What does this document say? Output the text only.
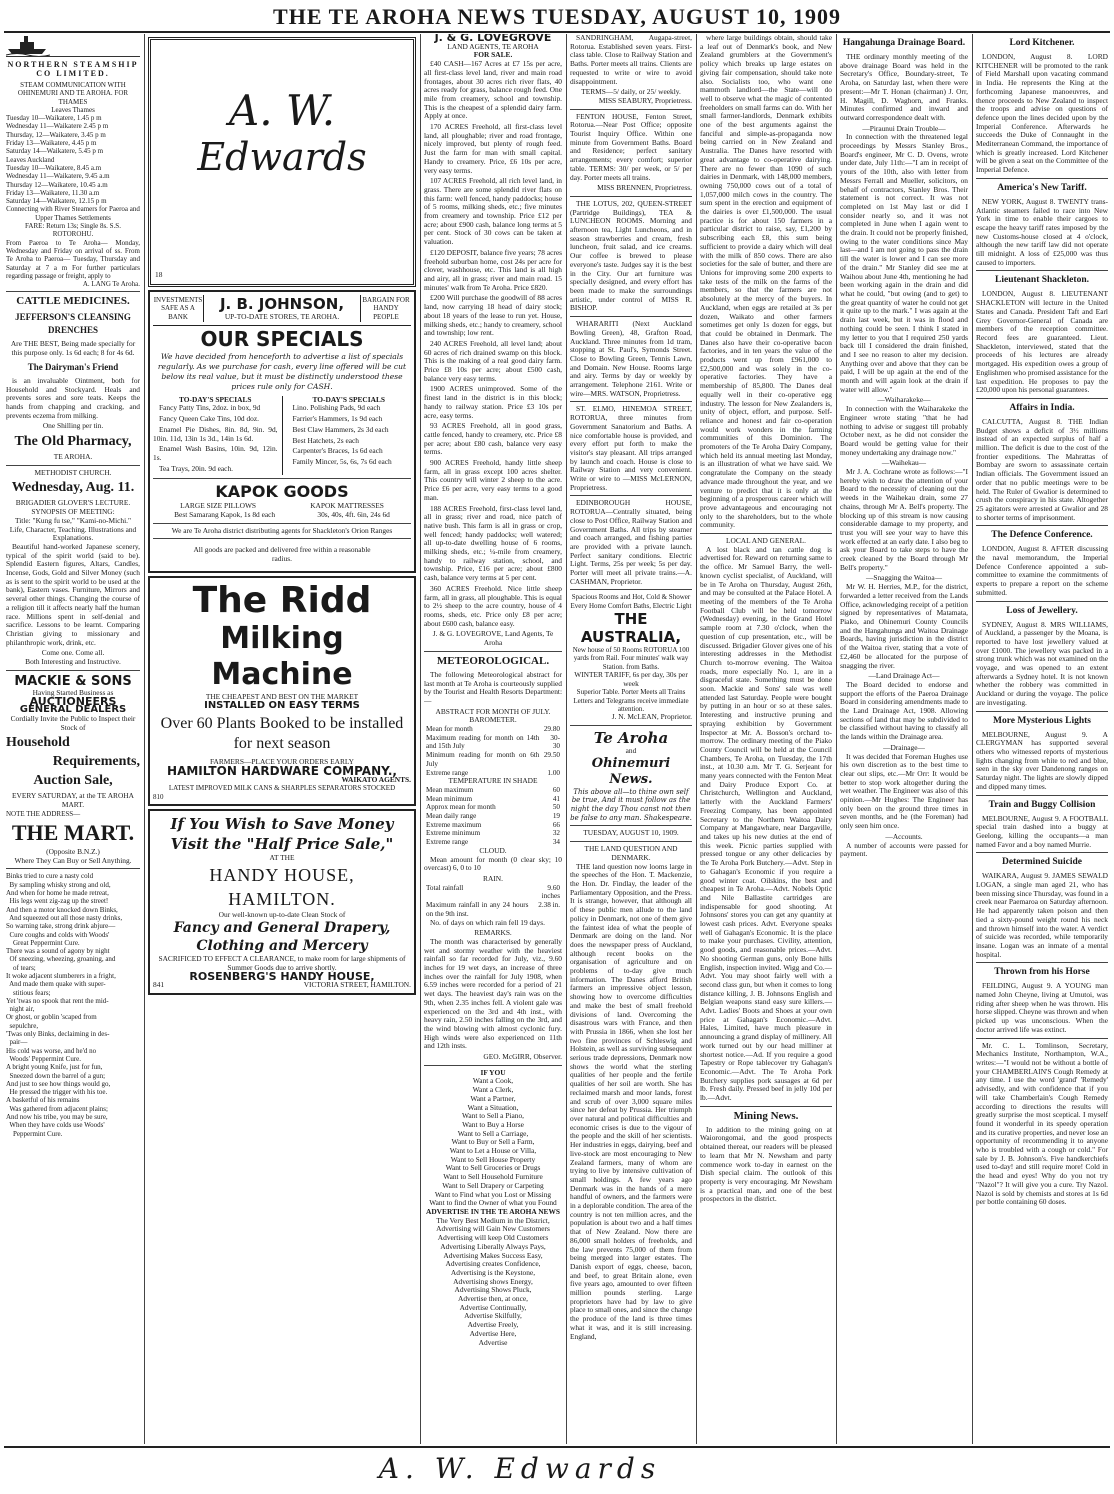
THE TE AROHA NEWS TUESDAY, AUGUST 10, 1909
NORTHERN STEAMSHIP CO LIMITED.
STEAM COMMUNICATION WITH OHINEMURI AND TE AROHA. FOR THAMES
Leaves Thames
Tuesday 10—Waikatere, 1.45 p m
Wednesday 11—Waikatere 2.45 p m
Thursday, 12—Waikatere, 3.45 p m
Friday 13—Waikatere, 4.45 p m
Saturday 14—Waikatere, 5.45 p m
Leaves Auckland
Tuesday 10—Waikatere, 8.45 a.m
Wednesday 11—Waikatere, 9.45 a.m
Thursday 12—Waikatere, 10.45 a.m
Friday 13—Waikatere, 11.30 a.m
Saturday 14—Waikatere, 12.15 p m
Connecting with River Steamers for Paeroa and Upper Thames Settlements
FARE: Return 13s; Single 8s. S.S. ROTOROHU.
From Paeroa to Te Aroha— Monday, Wednesday and Friday on arrival of ss. From Te Aroha to Paeroa— Tuesday, Thursday and Saturday at 7 a m For further particulars regarding passage or freight, apply to
A. LANG Te Aroha.
CATTLE MEDICINES.
JEFFERSON'S CLEANSING DRENCHES
Are THE BEST, Being made specially for this purpose only. 1s 6d each; 8 for 4s 6d.
The Dairyman's Friend
is an invaluable Ointment, both for Household and Stockyard. Heals and prevents sores and sore teats. Keeps the hands from chapping and cracking, and prevents eczema from milking.
One Shilling per tin.
The Old Pharmacy,
TE AROHA.
METHODIST CHURCH.
Wednesday, Aug. 11.
BRIGADIER GLOVER'S LECTURE. SYNOPSIS OF MEETING:
Title: "Kung fu tse," "Kami-no-Michi."
Life, Character, Teaching. Illustrations and Explanations.
Beautiful hand-worked Japanese scenery, typical of the spirit world (said to be). Splendid Eastern figures, Altars, Candles, Incense, Gods, Gold and Silver Money (such as is sent to the spirit world to be used at the bank), Eastern vases. Furniture, Mirrors and several other things. Changing the course of a religion till it affects nearly half the human race. Millions spent in self-denial and sacrifice. Lessons to be learnt. Comparing Christian giving to missionary and philanthropic work, drink, etc.
Come one. Come all.
Both Interesting and Instructive.
MACKIE & SONS
Having Started Business as
AUCTIONEERS
GENERAL DEALERS
Cordially Invite the Public to Inspect their Stock of
Household
Requirements,
Auction Sale,
EVERY SATURDAY, at the TE AROHA MART.
NOTE THE ADDRESS—
THE MART.
(Opposite B.N.Z.)
Where They Can Buy or Sell Anything.
Binks tried to cure a nasty cold
By sampling whisky strong and old,
And when for home he made retreat,
His legs went zig-zag up the street!
And then a motor knocked down Binks,
And squeezed out all those nasty drinks,
So warning take, strong drink abjure—
Cure coughs and colds with Woods'
Great Peppermint Cure.
There was a sound of agony by night
Of sneezing, wheezing, groaning, and
of tears;
It woke adjacent slumberers in a fright,
And made them quake with super-
stitious fears;
Yet 'twas no spook that rent the mid-
night air,
Or ghost, or goblin 'scaped from
sepulchre,
'Twas only Binks, declaiming in des-
pair—
His cold was worse, and he'd no
Woods' Peppermint Cure.
A bright young Knife, just for fun,
Sneezed down the barrel of a gun;
And just to see how things would go,
He pressed the trigger with his toe.
A basketful of his remains
Was gathered from adjacent plains;
And now his tribe, you may be sure,
When they have colds use Woods'
Peppermint Cure.
A. W.
Edwards
18
INVESTMENTS SAFE AS A BANK
J. B. JOHNSON,
UP-TO-DATE STORES, TE AROHA.
BARGAIN FOR HANDY PEOPLE
OUR SPECIALS
We have decided from henceforth to advertise a list of specials regularly. As we purchase for cash, every line offered will be cut below its real value, but it must be distinctly understood these prices rule only for CASH.
TO-DAY'S SPECIALS
Fancy Patty Tins, 2doz. in box, 9d
Fancy Queen Cake Tins, 10d doz.
Enamel Pie Dishes, 8in. 8d, 9in. 9d, 10in. 11d, 13in 1s 3d., 14in 1s 6d.
Enamel Wash Basins, 10in. 9d, 12in. 1s.
Tea Trays, 20in. 9d each.
TO-DAY'S SPECIALS
Lino. Polishing Pads, 9d each
Farrier's Hammers, 1s 9d each
Best Claw Hammers, 2s 3d each
Best Hatchets, 2s each
Carpenter's Braces, 1s 6d each
Family Mincer, 5s, 6s, 7s 6d each
KAPOK GOODS
LARGE SIZE PILLOWS	KAPOK MATTRESSES
Best Samarang Kapok, 1s 8d each	30s, 40s, 4ft. 6in, 24s 6d
We are Te Aroha district distributing agents for Shackleton's Orion Ranges
All goods are packed and delivered free within a reasonable radius.
The Ridd
Milking Machine
THE CHEAPEST AND BEST ON THE MARKET
INSTALLED ON EASY TERMS
Over 60 Plants Booked to be installed for next season
FARMERS—PLACE YOUR ORDERS EARLY
HAMILTON HARDWARE COMPANY.,
WAIKATO AGENTS.
LATEST IMPROVED MILK CANS & SHARPLES SEPARATORS STOCKED
810
If You Wish to Save Money
Visit the "Half Price Sale,"
AT THE
HANDY HOUSE, HAMILTON.
Our well-known up-to-date Clean Stock of
Fancy and General Drapery, Clothing and Mercery
SACRIFICED TO EFFECT A CLEARANCE, to make room for large shipments of Summer Goods due to arrive shortly.
ROSENBERG'S HANDY HOUSE,
841	VICTORIA STREET, HAMILTON.
J. & G. LOVEGROVE
LAND AGENTS, TE AROHA
FOR SALE.
£40 CASH—167 Acres at £7 15s per acre, all first-class level land, river and main road frontages, about 30 acres rich river flats, 40 acres ready for grass, balance rough feed. One mile from creamery, school and township. This is the cheapest of a splendid dairy farm. Apply at once.
170 ACRES Freehold, all first-class level land, all ploughable; river and road frontage, nicely improved, but plenty of rough feed. Just the farm for man with small capital. Handy to creamery. Price, £6 10s per acre, very easy terms.
107 ACRES Freehold, all rich level land, in grass. There are some splendid river flats on this farm: well fenced, handy paddocks; house of 5 rooms, milking sheds, etc.; five minutes from creamery and township. Price £12 per acre; about £900 cash, balance long terms at 5 per cent. Stock of 30 cows can be taken at valuation.
£120 DEPOSIT, balance five years; 78 acres freehold suburban home, cost 24s per acre for clover, washhouse, etc. This land is all high and airy, all in grass; river and main road. 15 minutes' walk from Te Aroha. Price £820.
£200 Will purchase the goodwill of 88 acres land, now carrying 18 head of dairy stock; about 18 years of the lease to run yet. House, milking sheds, etc.; handy to creamery, school and township; low rent.
240 ACRES Freehold, all level land; about 60 acres of rich drained swamp on this block. This is the making of a real good dairy farm. Price £8 10s per acre; about £500 cash, balance very easy terms.
1900 ACRES unimproved. Some of the finest land in the district is in this block; handy to railway station. Price £3 10s per acre, easy terms.
93 ACRES Freehold, all in good grass, cattle fenced, handy to creamery, etc. Price £8 per acre; about £80 cash, balance very easy terms.
900 ACRES Freehold, handy little sheep farm, all in grass except 100 acres shelter. This country will winter 2 sheep to the acre. Price £6 per acre, very easy terms to a good man.
188 ACRES Freehold, first-class level land, all in grass; river and road, nice patch of native bush. This farm is all in grass or crop, well fenced; handy paddocks; well watered; all up-to-date dwelling house of 6 rooms, milking sheds, etc.; ¼-mile from creamery, handy to railway station, school, and township. Price, £16 per acre; about £800 cash, balance very terms at 5 per cent.
360 ACRES Freehold. Nice little sheep farm, all in grass, all ploughable. This is equal to 2½ sheep to the acre country, house of 4 rooms, sheds, etc. Price only £8 per acre; about £600 cash, balance easy.
J. & G. LOVEGROVE, Land Agents, Te Aroha
METEOROLOGICAL.
The following Meteorological abstract for last month at Te Aroha is courteously supplied by the Tourist and Health Resorts Department:—
ABSTRACT FOR MONTH OF JULY.
BAROMETER.
Mean for month	29.80
Maximum reading for month on 14th and 15th July	30-30
Minimum reading for month on 6th July	29.50
Extreme range	1.00
TEMPERATURE IN SHADE
Mean maximum	60
Mean minimum	41
Approx mean for month	50
Mean daily range	19
Extreme maximum	66
Extreme minimum	32
Extreme range	34
CLOUD.
Mean amount for month (0 clear sky; 10 overcast) 6, 0 to 10
RAIN.
Total rainfall	9.60 inches
Maximum rainfall in any 24 hours on the 9th inst.	2.38 in.
No. of days on which rain fell 19 days.
REMARKS.
The month was characterised by generally wet and stormy weather with the heaviest rainfall so far recorded for July, viz., 9.60 inches for 19 wet days, an increase of three inches over the rainfall for July 1908, when 6.59 inches were recorded for a period of 21 wet days. The heaviest day's rain was on the 9th, when 2.35 inches fell. A violent gale was experienced on the 3rd and 4th inst., with heavy rain, 2.50 inches falling on the 3rd, and the wind blowing with almost cyclonic fury. High winds were also experienced on 11th and 12th insts.
GEO. McGIRR, Observer.
IF YOU
Want a Cook,
Want a Clerk,
Want a Partner,
Want a Situation,
Want to Sell a Piano,
Want to Buy a Horse
Want to Sell a Carriage,
Want to Buy or Sell a Farm,
Want to Let a House or Villa,
Want to Sell House Property
Want to Sell Groceries or Drugs
Want to Sell Household Furniture
Want to Sell Drapery or Carpeting
Want to Find what you Lost or Missing
Want to find the Owner of what you Found
ADVERTISE IN THE TE AROHA NEWS
The Very Best Medium in the District,
Advertising will Gain New Customers
Advertising will keep Old Customers
Advertising Liberally Always Pays,
Advertising Makes Success Easy,
Advertising creates Confidence,
Advertising is the Keystone,
Advertising shows Energy,
Advertising Shows Pluck,
Advertise then, at once,
Advertise Continually,
Advertise Skilfully,
Advertise Freely,
Advertise Here,
Advertise
SANDRINGHAM, Augapa-street, Rotorua. Established seven years. First-class table. Close to Railway Station and Baths. Porter meets all trains. Clients are requested to write or wire to avoid disappointment.
TERMS—5/ daily, or 25/ weekly.
MISS SEABURY, Proprietress.
FENTON HOUSE, Fenton Street, Rotorua.—Near Post Office; opposite Tourist Inquiry Office. Within one minute from Government Baths. Board and Residence; perfect sanitary arrangements; every comfort; superior table. TERMS: 30/ per week, or 5/ per day. Porter meets all trains.
MISS BRENNEN, Proprietress.
THE LOTUS, 202, QUEEN-STREET (Partridge Buildings), TEA & LUNCHEON ROOMS. Morning and afternoon tea, Light Luncheons, and in season strawberries and cream, fresh luncheon, fruit salad, and ice creams. Our coffee is brewed to please everyone's taste. Judges say it is the best in the City. Our art furniture was specially designed, and every effort has been made to make the surroundings artistic, under control of MISS R. BISHOP.
WHARARITI (Next Auckland Bowling Green), 48, Grafton Road, Auckland. Three minutes from 1d tram, stopping at St. Paul's, Symonds Street. Close to Bowling Green, Tennis Lawn, and Domain. New House. Rooms large and airy. Terms by day or weekly by arrangement. Telephone 2161. Write or wire—MRS. WATSON, Proprietress.
ST. ELMO, HINEMOA STREET, ROTORUA, three minutes from Government Sanatorium and Baths. A nice comfortable house is provided, and every effort put forth to make the visitor's stay pleasant. All trips arranged by launch and coach. House is close to Railway Station and very convenient. Write or wire to —MISS McLERNON, Proprietress.
EDINBOROUGH HOUSE, ROTORUA—Centrally situated, being close to Post Office, Railway Station and Government Baths. All trips by steamer and coach arranged, and fishing parties are provided with a private launch. Perfect sanitary conditions. Electric Light. Terms, 25s per week; 5s per day. Porter will meet all private trains.—A. CASHMAN, Proprietor.
Spacious Rooms and Hot, Cold & Shower Every Home Comfort Baths, Electric Light
THE AUSTRALIA,
New house of 50 Rooms ROTORUA 100 yards from Rail. Four minutes' walk way Station. from Baths.
WINTER TARIFF, 6s per day, 30s per week
Superior Table. Porter Meets all Trains
Letters and Telegrams receive immediate attention.
J. N. McLEAN, Proprietor.
Te Aroha
and
Ohinemuri News.
This above all—to thine own self be true, And it must follow as the night the day Thou canst not then be false to any man. Shakespeare.
TUESDAY, AUGUST 10, 1909.
THE LAND QUESTION AND DENMARK.
THE land question now looms large in the speeches of the Hon. T. Mackenzie, the Hon. Dr. Findlay, the leader of the Parliamentary Opposition, and the Press. It is strange, however, that although all of these public men allude to the land policy in Denmark, not one of them give the faintest idea of what the people of Denmark are doing on the land. Nor does the newspaper press of Auckland, although recent books on the organisation of agriculture and on problems of to-day give much information. The Danes afford British farmers an impressive object lesson, showing how to overcome difficulties and make the best of small freehold divisions of land. Overcoming the disastrous wars with France, and then with Prussia in 1866, when she lost her two fine provinces of Schleswig and Holstein, as well as surviving subsequent serious trade depressions, Denmark now shows the world what the sterling qualities of her people and the fertile qualities of her soil are worth. She has reclaimed marsh and moor lands, forest and scrub of over 3,000 square miles since her defeat by Prussia. Her triumph over natural and political difficulties and economic crises is due to the vigour of the people and the skill of her scientists. Her industries in eggs, dairying, beef and live-stock are most encouraging to New Zealand farmers, many of whom are trying to live by intensive cultivation of small holdings. A few years ago Denmark was in the hands of a mere handful of owners, and the farmers were in a deplorable condition. The area of the country is not ten million acres, and the population is about two and a half times that of New Zealand. Now there are 86,000 small holders of freeholds, and the law prevents 75,000 of them from being merged into larger estates. The Danish export of eggs, cheese, bacon, and beef, to great Britain alone, even five years ago, amounted to over fifteen million pounds sterling. Large proprietors have had by law to give place to small ones, and since the change the produce of the land is three times what it was, and it is still increasing. England,
where large buildings obtain, should take a leaf out of Denmark's book, and New Zealand grumblers at the Government's policy which breaks up large estates on giving fair compensation, should take note also. Socialists too, who want one mammoth landlord—the State—will do well to observe what the magic of contented freeholders on small farms can do. With her small farmer-landlords, Denmark exhibits one of the best arguments against the fanciful and simple-as-propaganda now being carried on in New Zealand and Australia. The Danes have resorted with great advantage to co-operative dairying. There are no fewer than 1090 of such dairies in Denmark, with 148,000 members, owning 750,000 cows out of a total of 1,057,000 milch cows in the country. The sum spent in the erection and equipment of the dairies is over £1,500,000. The usual practice is for about 150 farmers in a particular district to raise, say, £1,200 by subscribing each £8, this sum being sufficient to provide a dairy which will deal with the milk of 850 cows. There are also societies for the sale of butter, and there are Unions for improving some 200 experts to take tests of the milk on the farms of the members, so that the farmers are not absolutely at the mercy of the buyers. In Auckland, when eggs are retailed at 3s per dozen, Waikato and other farmers sometimes get only 1s dozen for eggs, but that could be obtained in Denmark. The Danes also have their co-operative bacon factories, and in ten years the value of the products went up from £961,000 to £2,500,000 and was solely in the co-operative factories. They have a membership of 85,800. The Danes deal equally well in their co-operative egg industry. The lesson for New Zealanders is, unity of object, effort, and purpose. Self-reliance and honest and fair co-operation would work wonders in the farming communities of this Dominion. The promoters of the Te Aroha Dairy Company, which held its annual meeting last Monday, is an illustration of what we have said. We congratulate the Company on the steady advance made throughout the year, and we venture to predict that it is only at the beginning of a prosperous career which will prove advantageous and encouraging not only to the shareholders, but to the whole community.
LOCAL AND GENERAL.
A lost black and tan cattle dog is advertised for. Reward on returning same to the office. Mr Samuel Barry, the well-known cyclist specialist, of Auckland, will be in Te Aroha on Thursday, August 26th, and may be consulted at the Palace Hotel. A meeting of the members of the Te Aroha Football Club will be held tomorrow (Wednesday) evening, in the Grand Hotel sample room at 7.30 o'clock, when the question of cup presentation, etc., will be discussed. Brigadier Glover gives one of his interesting addresses in the Methodist Church to-morrow evening. The Waitoa roads, more especially No. 1, are in a disgraceful state. Something must be done soon. Mackie and Sons' sale was well attended last Saturday. People were bought by putting in an hour or so at these sales. Interesting and instructive pruning and spraying exhibition by Government Inspector at Mr. A. Bosson's orchard to-morrow. The ordinary meeting of the Piako County Council will be held at the Council Chambers, Te Aroha, on Tuesday, the 17th inst., at 10.30 a.m. Mr T. G. Serjeant for many years connected with the Fenton Meat and Dairy Produce Export Co. at Christchurch, Wellington and Auckland, latterly with the Auckland Farmers' Freezing Company, has been appointed Secretary to the Northern Waitoa Dairy Company at Mangawhare, near Dargaville, and takes up his new duties at the end of this week. Picnic parties supplied with pressed tongue or any other delicacies by the Te Aroha Pork Butchery.—Advt. Step in to Gahagan's Economic if you require a good winter coat. Oilskins, the best and cheapest in Te Aroha.—Advt. Nobels Optic and Nile Ballastite cartridges are indispensable for good shooting. At Johnsons' stores you can get any quantity at lowest cash prices. Advt. Everyone speaks well of Gahagan's Economic. It is the place to make your purchases. Civility, attention, good goods, and reasonable prices.—Advt. No shooting German guns, only Bone hills English, inspection invited. Wigg and Co.—Advt. You may shoot fairly well with a second class gun, but when it comes to long distance killing, J. B. Johnsons English and Belgian weapons stand easy sure killers.—Advt. Ladies' Boots and Shoes at your own price at Gahagan's Economic.—Advt. Hales, Limited, have much pleasure in announcing a grand display of millinery. All work turned out by our head milliner at shortest notice.—Ad. If you require a good Tapestry or Rope tablecover try Gahagan's Economic.—Advt. The Te Aroha Pork Butchery supplies pork sausages at 6d per lb. Fresh daily. Pressed beef in jelly 10d per lb.—Advt.
Mining News.
In addition to the mining going on at Waiorongomai, and the good prospects obtained thereat, our readers will be pleased to learn that Mr N. Newsham and party commence work to-day in earnest on the Dish special claim. The outlook of this property is very encouraging. Mr Newsham is a practical man, and one of the best prospectors in the district.
Hangahunga Drainage Board.
THE ordinary monthly meeting of the above drainage Board was held in the Secretary's Office, Boundary-street, Te Aroha, on Saturday last, when there were present:—Mr T. Honan (chairman) J. Orr, H. Magill, D. Waghorn, and Franks. Minutes confirmed and inward and outward correspondence dealt with.
—Piraunui Drain Trouble—
In connection with the threatened legal proceedings by Messrs Stanley Bros., Board's engineer, Mr C. D. Ovens, wrote under date, July 11th:—"I am in receipt of yours of the 10th, also with letter from Messrs Ferrall and Mueller, solicitors, on behalf of contractors, Stanley Bros. Their statement is not correct. It was not completed on 1st May last or did I consider nearly so, and it was not completed in June when I again went to the drain. It could not be properly finished, owing to the water conditions since May last—and I am not going to pass the drain till the water is lower and I can see more of the drain." Mr Stanley did see me at Waihou about June 4th, mentioning he had been working again in the drain and did what he could, "but owing (and to get) to the great quantity of water he could not get it quite up to the mark." I was again at the drain last week, but it was in flood and nothing could be seen. I think I stated in my letter to you that I required 250 yards back till I considered the drain finished, and I see no reason to alter my decision. Anything over and above that they can be paid, I will be up again at the end of the month and will again look at the drain if water will allow."
—Waiharakeke—
In connection with the Waiharakeke the Engineer wrote stating "that he had nothing to advise or suggest till probably October next, as he did not consider the Board would be getting value for their money undertaking any drainage now."
—Waihekau—
Mr J. A. Cochrane wrote as follows:—"I hereby wish to draw the attention of your Board to the necessity of cleaning out the weeds in the Waihekau drain, some 27 chains, through Mr A. Bell's property. The blocking up of this stream is now causing considerable damage to my property, and trust you will see your way to have this work effected at an early date. I also beg to ask your Board to take steps to have the creek cleaned by the Board through Mr Bell's property."
—Snagging the Waitoa—
Mr W. H. Herries, M.P., for the district, forwarded a letter received from the Lands Office, acknowledging receipt of a petition signed by representatives of Matamata, Piako, and Ohinemuri County Councils and the Hangahunga and Waitoa Drainage Boards, having jurisdiction in the district of the Waitoa river, stating that a vote of £2,460 be allocated for the purpose of snagging the river.
—Land Drainage Act—
The Board decided to endorse and support the efforts of the Paeroa Drainage Board in considering amendments made to the Land Drainage Act, 1908. Allowing sections of land that may be subdivided to be classified without having to classify all the lands within the Drainage area.
—Drainage—
It was decided that Foreman Hughes use his own discretion as to the best time to clear out slips, etc.—Mr Orr: It would be better to stop work altogether during the wet weather. The Engineer was also of this opinion.—Mr Hughes: The Engineer has only been on the ground three times in seven months, and he (the Foreman) had only seen him once.
—Accounts.
A number of accounts were passed for payment.
Lord Kitchener.
LONDON, August 8. LORD KITCHENER will be promoted to the rank of Field Marshall upon vacating command in India. He represents the King at the forthcoming Japanese manoeuvres, and thence proceeds to New Zealand to inspect the troops and advise on questions of defence upon the lines decided upon by the Imperial Conference. Afterwards he succeeds the Duke of Connaught in the Mediterranean Command, the importance of which is greatly increased. Lord Kitchener will be given a seat on the Committee of the Imperial Defence.
America's New Tariff.
NEW YORK, August 8. TWENTY trans-Atlantic steamers failed to race into New York in time to enable their cargoes to escape the heavy tariff rates imposed by the new Customs-house closed at 4 o'clock, although the new tariff law did not operate till midnight. A loss of £25,000 was thus caused to importers.
Lieutenant Shackleton.
LONDON, August 8. LIEUTENANT SHACKLETON will lecture in the United States and Canada. President Taft and Earl Grey Governor-General of Canada are members of the reception committee. Record fees are guaranteed. Lieut. Shackleton, interviewed, stated that the proceeds of his lectures are already mortgaged. His expedition owes a group of Englishmen who promised assistance for the last expedition. He proposes to pay the £20,000 upon his personal guarantees.
Affairs in India.
CALCUTTA, August 8. THE Indian Budget shows a deficit of 3½ millions instead of an expected surplus of half a million. The deficit is due to the cost of the frontier expeditions. The Mahrattas of Bombay are sworn to assassinate certain Indian officials. The Government issued an order that no public meetings were to be held. The Ruler of Gwalior is determined to crush the conspiracy in his state. Altogether 25 agitators were arrested at Gwalior and 28 to shorter terms of imprisonment.
The Defence Conference.
LONDON, August 8. AFTER discussing the naval memorandum, the Imperial Defence Conference appointed a sub-committee to examine the commitments of experts to prepare a report on the scheme submitted.
Loss of Jewellery.
SYDNEY, August 8. MRS WILLIAMS, of Auckland, a passenger by the Moana, is reported to have lost jewellery valued at over £1000. The jewellery was packed in a strong trunk which was not examined on the voyage, and was opened to an extent afterwards a Sydney hotel. It is not known whether the robbery was committed in Auckland or during the voyage. The police are investigating.
More Mysterious Lights
MELBOURNE, August 9. A CLERGYMAN has supported several others who witnessed reports of mysterious lights changing from white to red and blue, seen in the sky over Dandenong ranges on Saturday night. The lights are slowly dipped and dipped many times.
Train and Buggy Collision
MELBOURNE, August 9. A FOOTBALL special train dashed into a buggy at Geelong, killing the occupants—a man named Favor and a boy named Murrie.
Determined Suicide
WAIKARA, August 9. JAMES SEWALD LOGAN, a single man aged 21, who has been missing since Thursday, was found in a creek near Paemaroa on Saturday afternoon. He had apparently taken poison and then tied a sixty-pound weight round his neck and thrown himself into the water. A verdict of suicide was recorded, while temporarily insane. Logan was an inmate of a mental hospital.
Thrown from his Horse
FEILDING, August 9. A YOUNG man named John Cheyne, living at Umutoi, was riding after sheep when he was thrown. His horse slipped. Cheyne was thrown and when picked up was unconscious. When the doctor arrived life was extinct.
Mr. C. L. Tomlinson, Secretary, Mechanics Institute, Northampton, W.A., writes:—"I would not be without a bottle of your CHAMBERLAIN'S Cough Remedy at any time. I use the word 'grand' 'Remedy' advisedly, and with confidence that if you will take Chamberlain's Cough Remedy according to directions the results will greatly surprise the most sceptical. I myself found it wonderful in its speedy operation and its curative properties, and never lose an opportunity of recommending it to anyone who is troubled with a cough or cold." For sale by J. B. Johnson's. Five handkerchiefs used to-day! and still require more! Cold in the head and eyes! Why do you not try "Nazol"? It will give you a cure. Try Nazol. Nazol is sold by chemists and stores at 1s 6d per bottle containing 60 doses.
A. W. Edwards
